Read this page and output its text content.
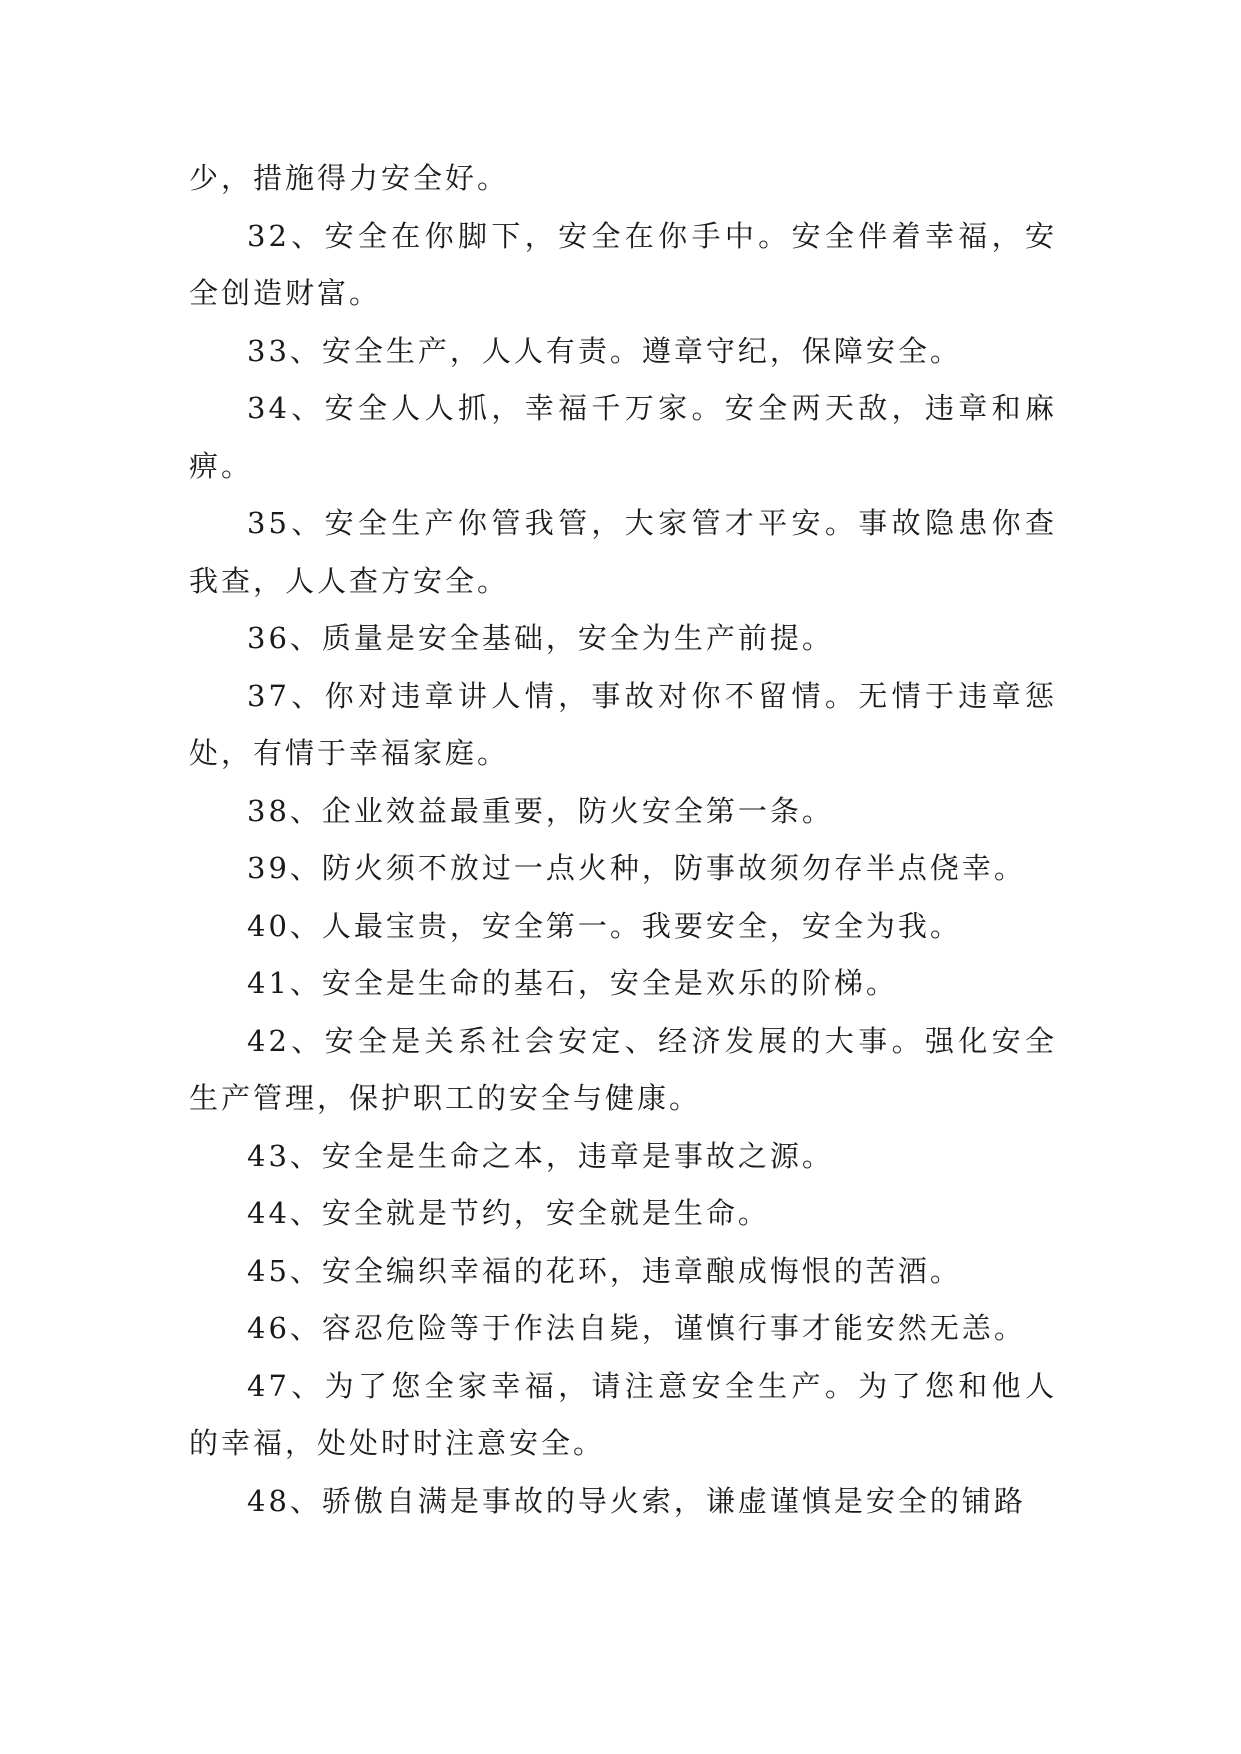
少，措施得力安全好。

32、安全在你脚下，安全在你手中。安全伴着幸福，安全创造财富。

33、安全生产，人人有责。遵章守纪，保障安全。

34、安全人人抓，幸福千万家。安全两天敌，违章和麻痹。

35、安全生产你管我管，大家管才平安。事故隐患你查我查，人人查方安全。

36、质量是安全基础，安全为生产前提。

37、你对违章讲人情，事故对你不留情。无情于违章惩处，有情于幸福家庭。

38、企业效益最重要，防火安全第一条。

39、防火须不放过一点火种，防事故须勿存半点侥幸。

40、人最宝贵，安全第一。我要安全，安全为我。

41、安全是生命的基石，安全是欢乐的阶梯。

42、安全是关系社会安定、经济发展的大事。强化安全生产管理，保护职工的安全与健康。

43、安全是生命之本，违章是事故之源。

44、安全就是节约，安全就是生命。

45、安全编织幸福的花环，违章酿成悔恨的苦酒。

46、容忍危险等于作法自毙，谨慎行事才能安然无恙。

47、为了您全家幸福，请注意安全生产。为了您和他人的幸福，处处时时注意安全。

48、骄傲自满是事故的导火索，谦虚谨慎是安全的铺路
